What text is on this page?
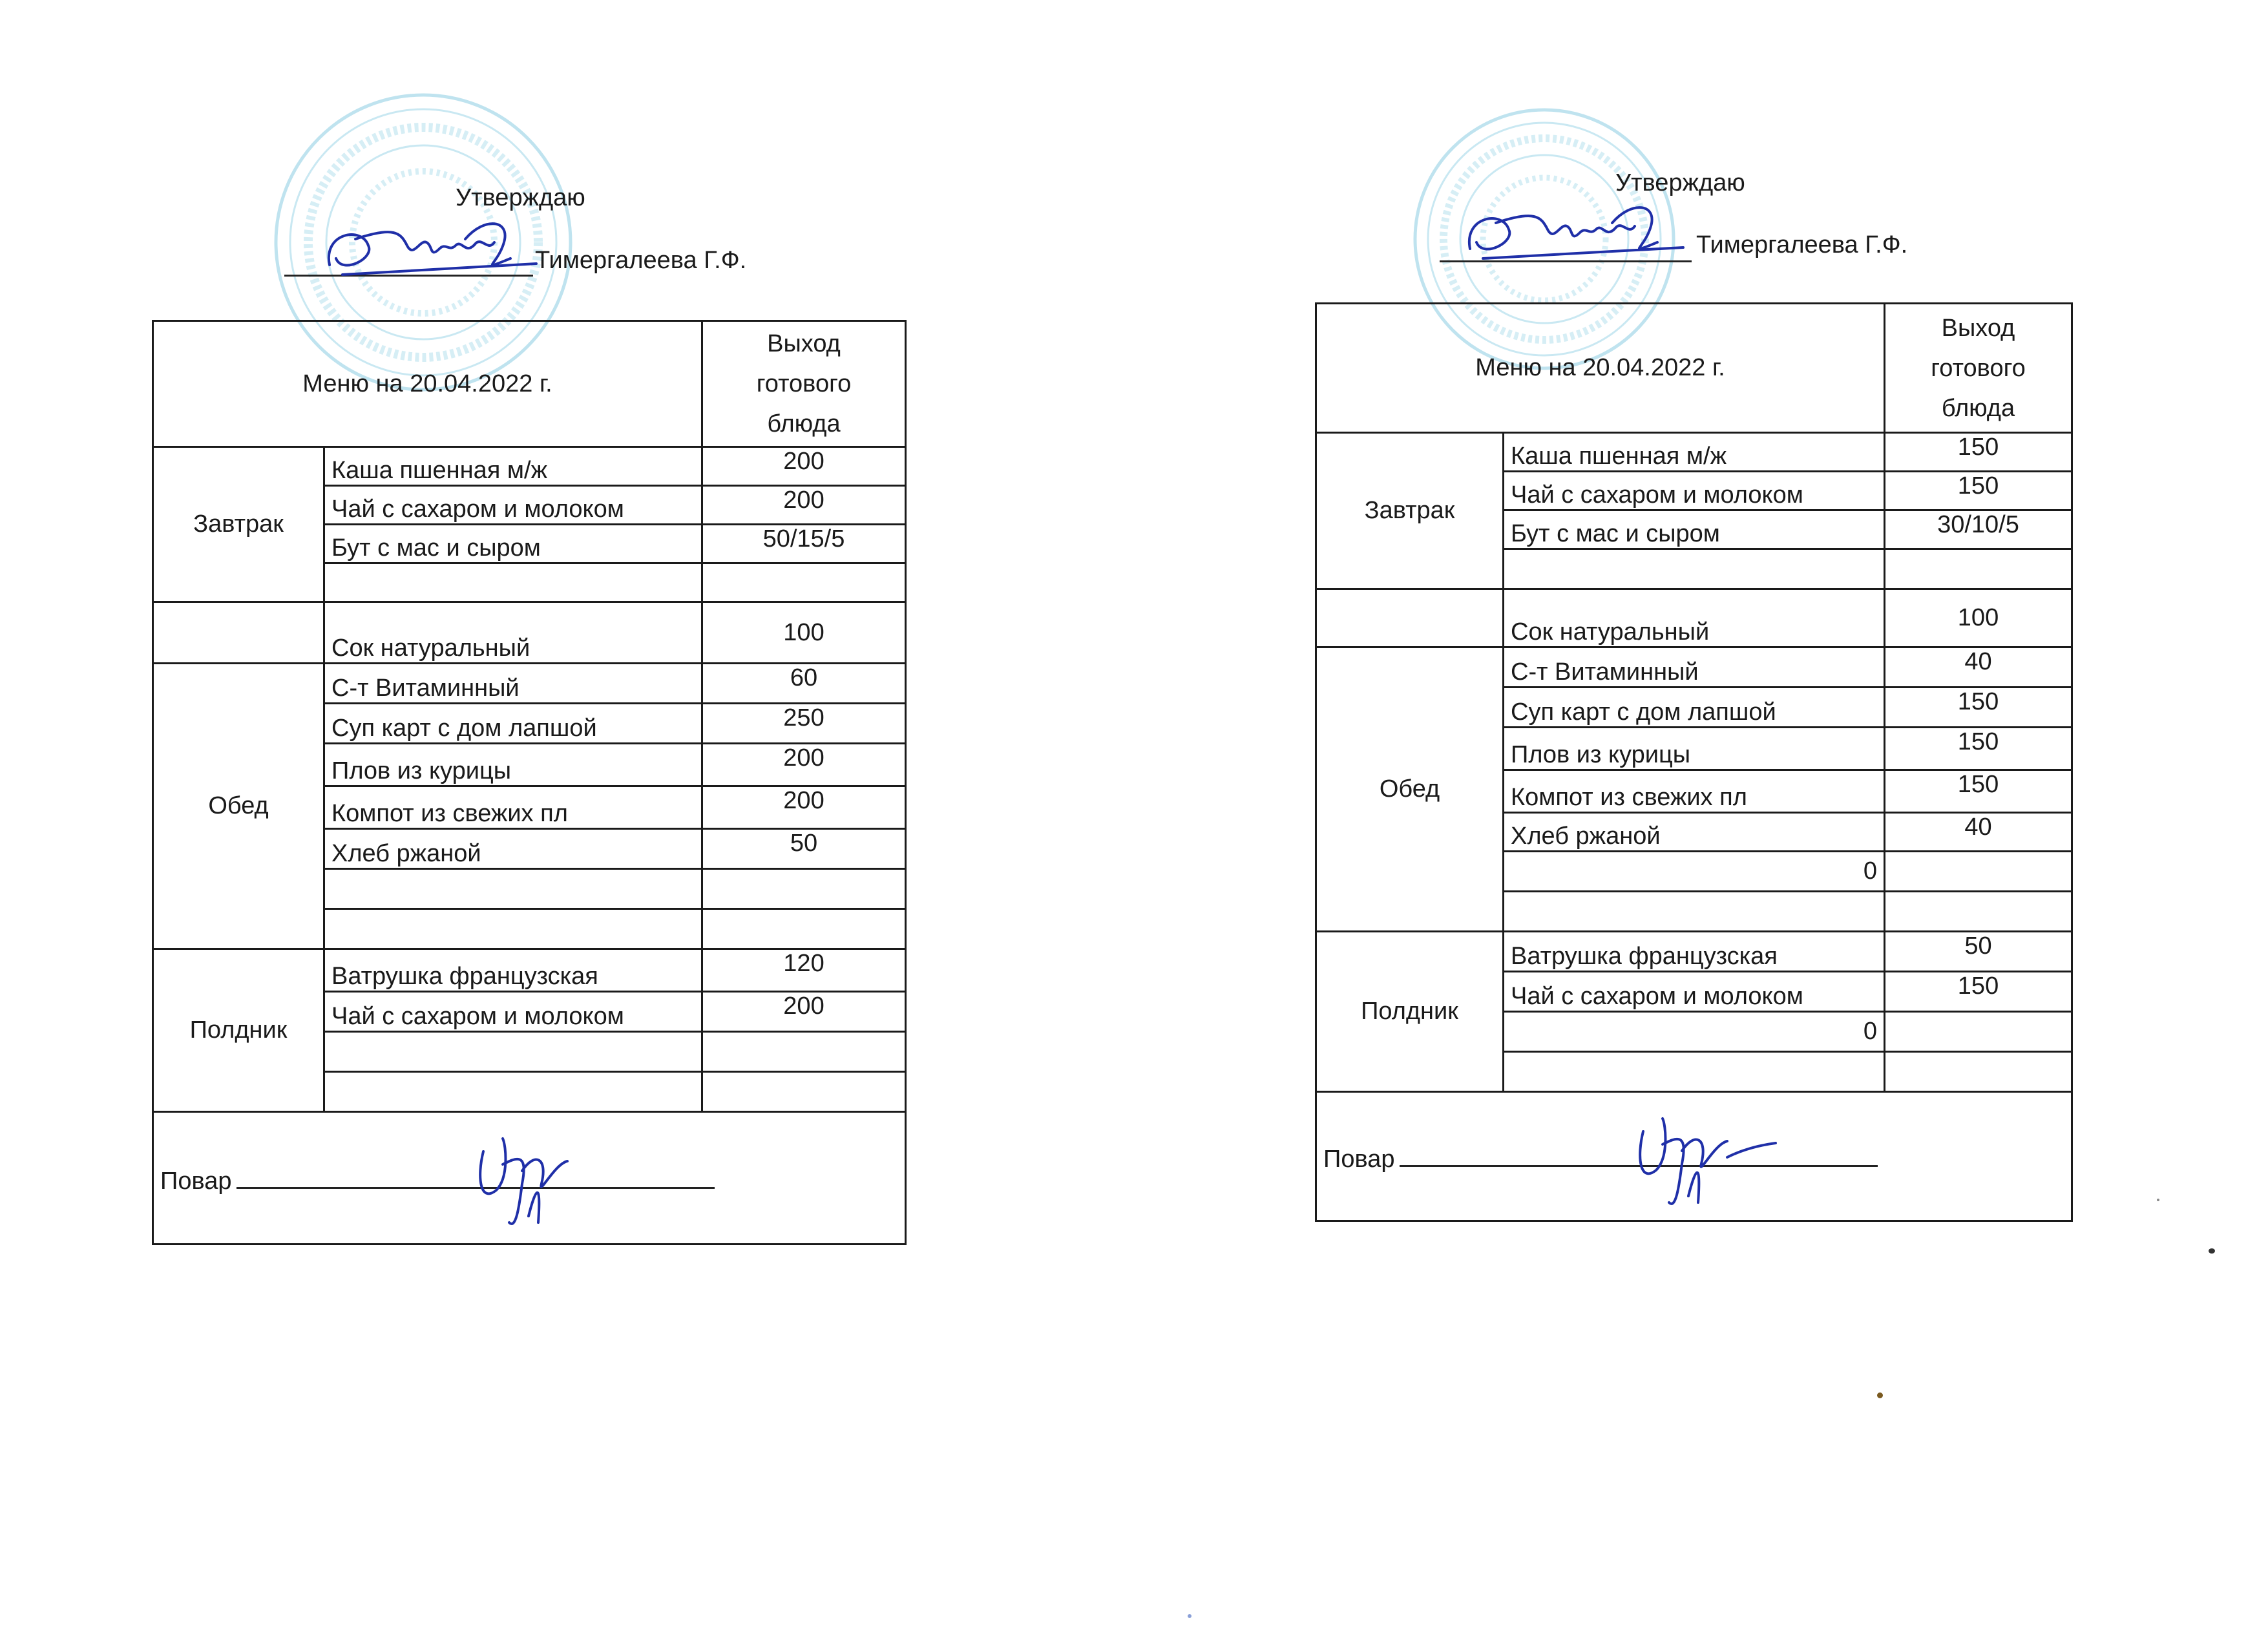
Утверждаю
Тимергалеева Г.Ф.
Меню на 20.04.2022 г.		Выход
готового
блюда
Завтрак	Каша пшенная м/ж	200
	Чай с сахаром и молоком	200
	Бут с мас и сыром	50/15/5

	Сок натуральный	100
Обед	С-т Витаминный	60
	Суп карт с дом лапшой	250
	Плов из курицы	200
	Компот из свежих пл	200
	Хлеб ржаной	50

Полдник	Ватрушка французская	120
	Чай с сахаром и молоком	200

Повар		
Утверждаю
Тимергалеева Г.Ф.
Меню на 20.04.2022 г.		Выход
готового
блюда
Завтрак	Каша пшенная м/ж	150
	Чай с сахаром и молоком	150
	Бут с мас и сыром	30/10/5

	Сок натуральный	100
Обед	С-т Витаминный	40
	Суп карт с дом лапшой	150
	Плов из курицы	150
	Компот из свежих пл	150
	Хлеб ржаной	40
	0	

Полдник	Ватрушка французская	50
	Чай с сахаром и молоком	150
	0	

Повар		
